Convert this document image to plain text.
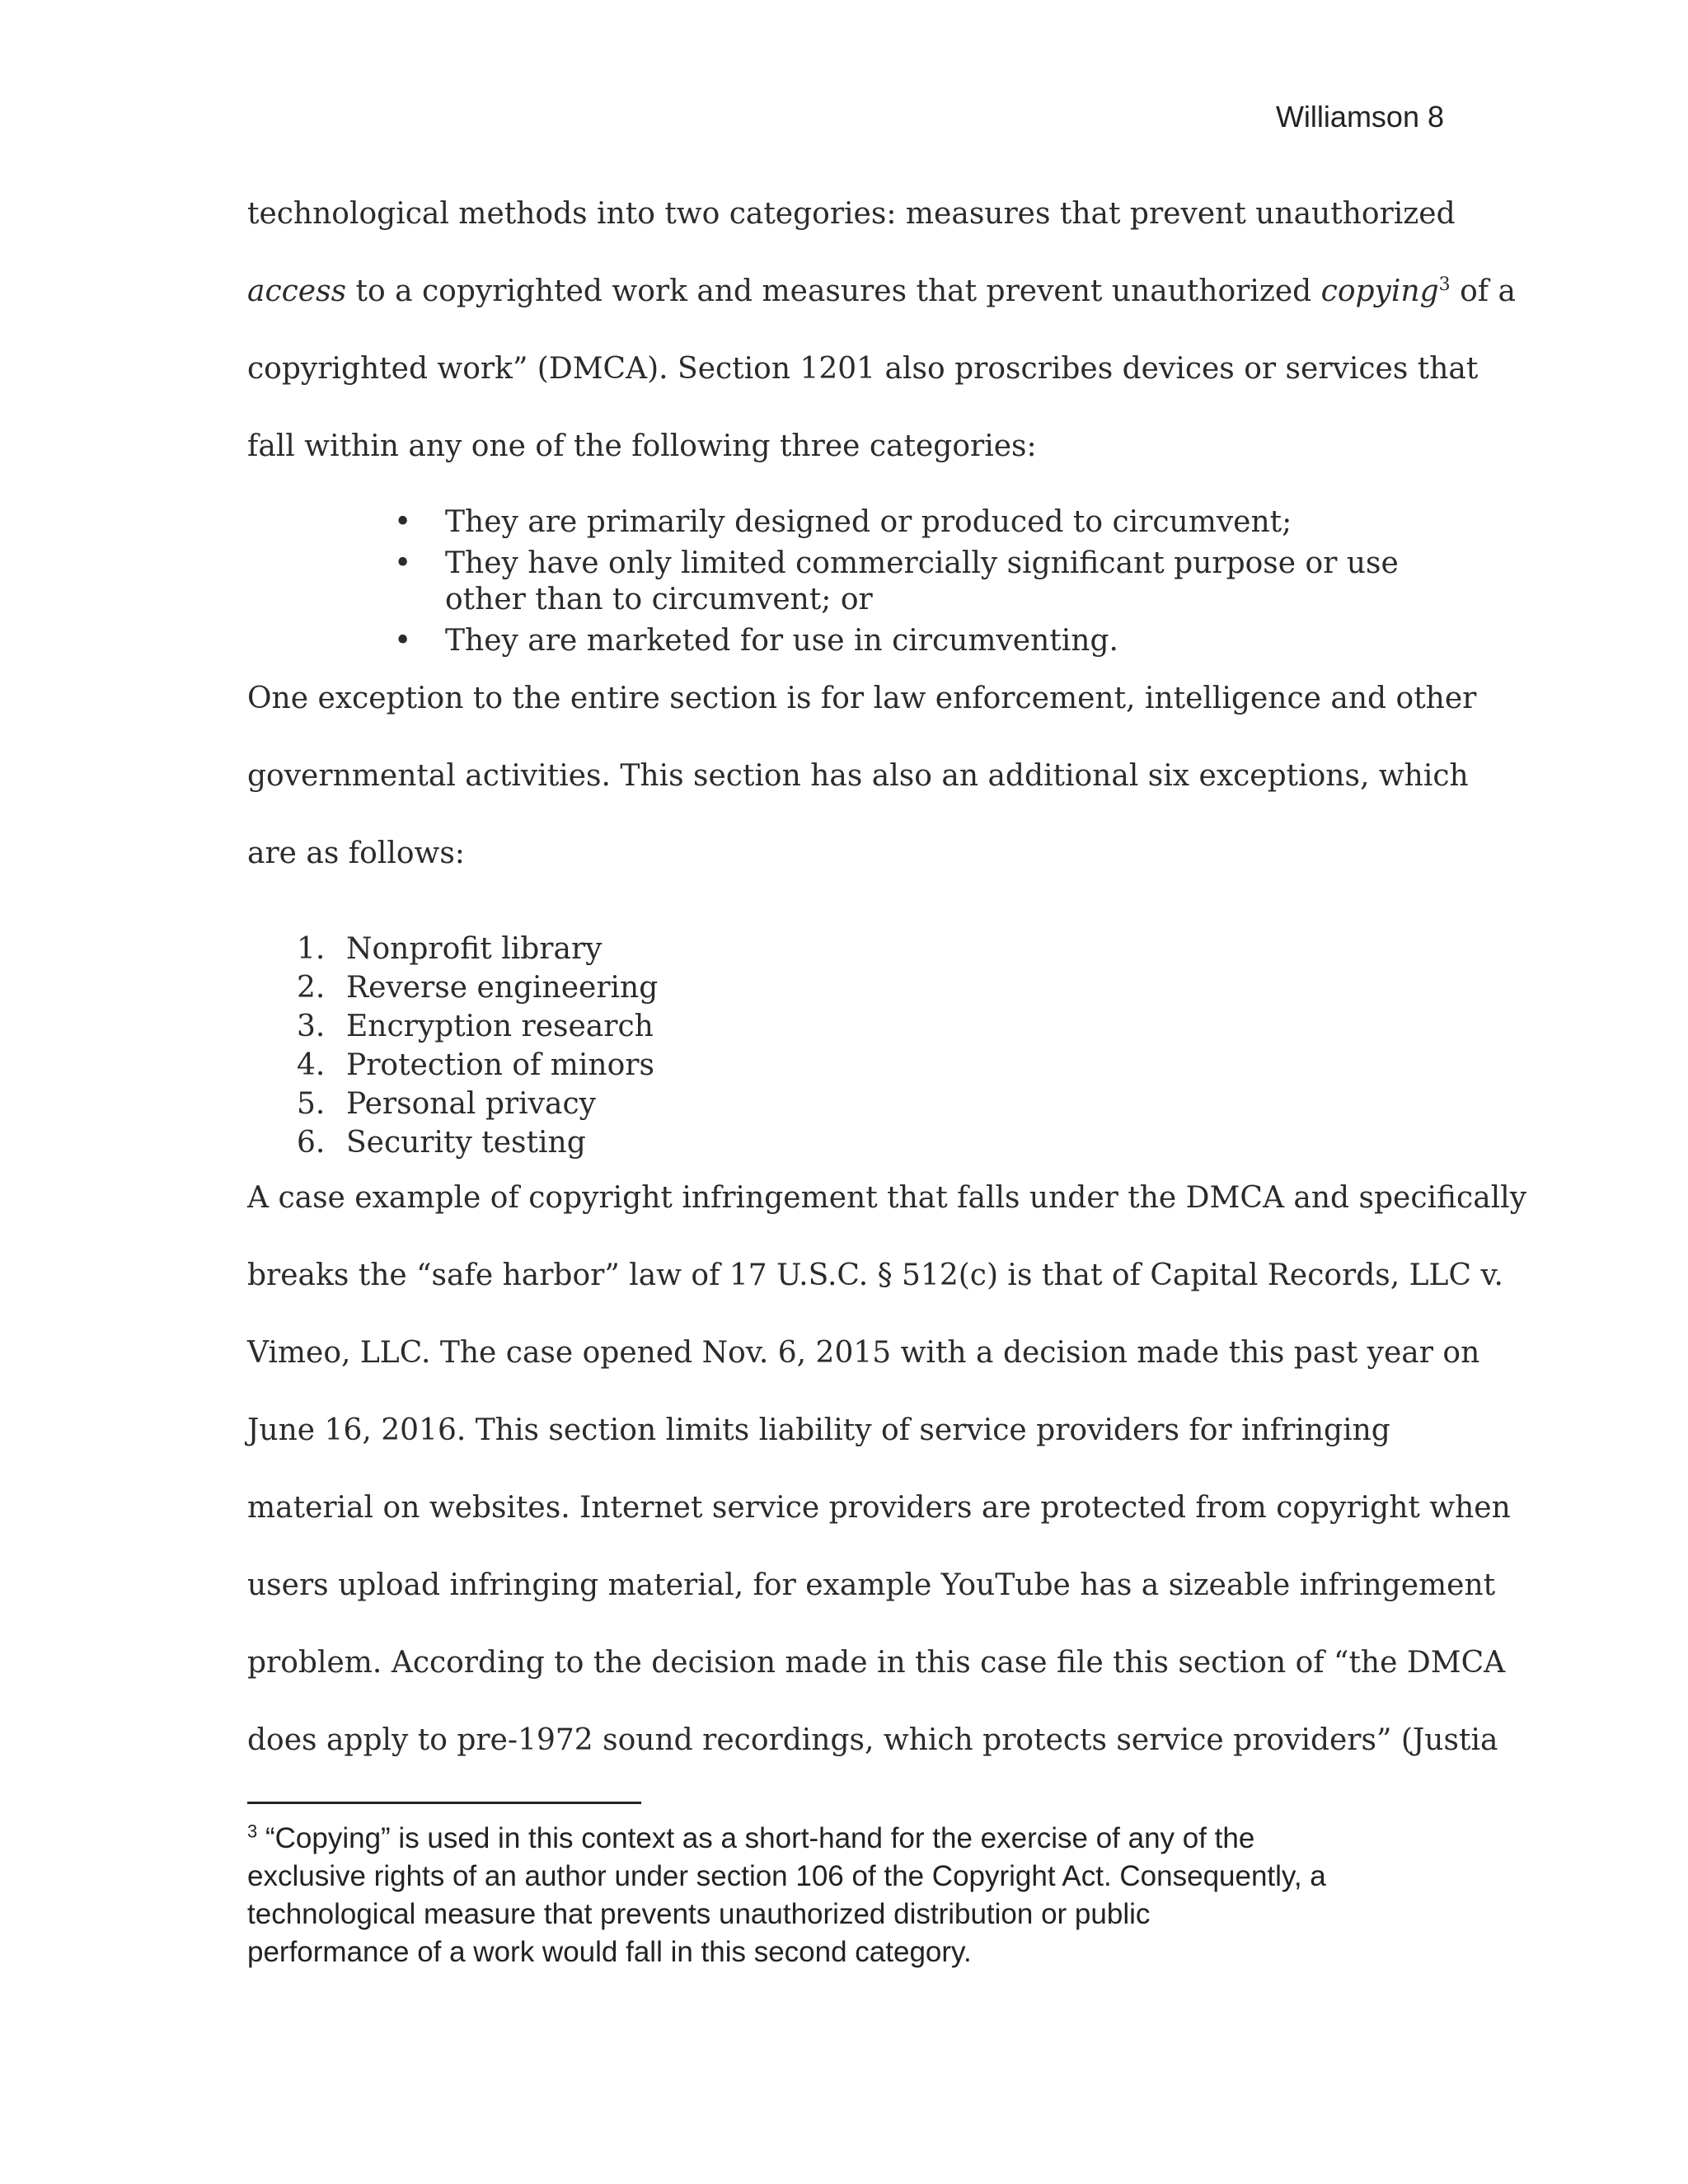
Williamson 8
technological methods into two categories: measures that prevent unauthorized
access to a copyrighted work and measures that prevent unauthorized copying$^3$ of a
copyrighted work” (DMCA). Section 1201 also proscribes devices or services that
fall within any one of the following three categories:
• They are primarily designed or produced to circumvent;
• They have only limited commercially significant purpose or use other than to circumvent; or
• They are marketed for use in circumventing.
One exception to the entire section is for law enforcement, intelligence and other
governmental activities. This section has also an additional six exceptions, which
are as follows:
1. Nonprofit library
2. Reverse engineering
3. Encryption research
4. Protection of minors
5. Personal privacy
6. Security testing
A case example of copyright infringement that falls under the DMCA and specifically
breaks the “safe harbor” law of 17 U.S.C. § 512(c) is that of Capital Records, LLC v.
Vimeo, LLC. The case opened Nov. 6, 2015 with a decision made this past year on
June 16, 2016. This section limits liability of service providers for infringing
material on websites. Internet service providers are protected from copyright when
users upload infringing material, for example YouTube has a sizeable infringement
problem. According to the decision made in this case file this section of “the DMCA
does apply to pre-1972 sound recordings, which protects service providers” (Justia
$^3$ “Copying” is used in this context as a short-hand for the exercise of any of the
exclusive rights of an author under section 106 of the Copyright Act. Consequently, a
technological measure that prevents unauthorized distribution or public
performance of a work would fall in this second category.
